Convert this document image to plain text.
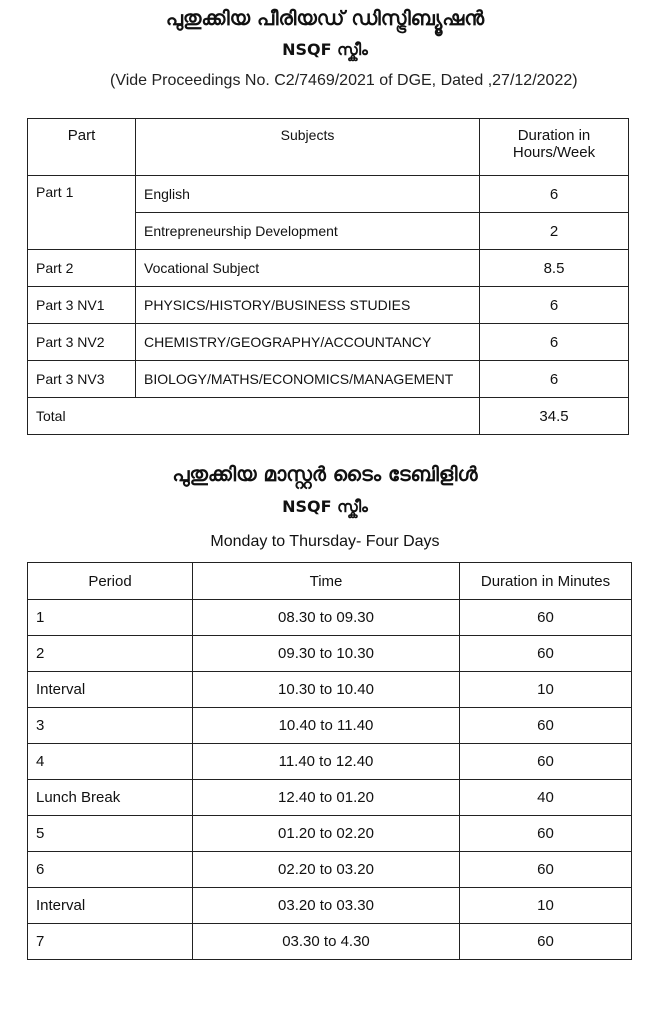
പുതുക്കിയ പീരിയഡ് ഡിസ്ട്രിബ്യൂഷൻ
NSQF സ്കീം
(Vide Proceedings No. C2/7469/2021 of DGE, Dated ,27/12/2022)
Part	Subjects	Duration in Hours/Week
Part 1	English	6
	Entrepreneurship Development	2
Part 2	Vocational Subject	8.5
Part 3 NV1	PHYSICS/HISTORY/BUSINESS STUDIES	6
Part 3 NV2	CHEMISTRY/GEOGRAPHY/ACCOUNTANCY	6
Part 3 NV3	BIOLOGY/MATHS/ECONOMICS/MANAGEMENT	6
Total		34.5
പുതുക്കിയ മാസ്റ്റർ ടൈം ടേബിളിൾ
NSQF സ്കീം
Monday to Thursday- Four Days
Period	Time	Duration in Minutes
1	08.30 to 09.30	60
2	09.30 to 10.30	60
Interval	10.30 to 10.40	10
3	10.40 to 11.40	60
4	11.40 to 12.40	60
Lunch Break	12.40 to 01.20	40
5	01.20 to 02.20	60
6	02.20 to 03.20	60
Interval	03.20 to 03.30	10
7	03.30 to 4.30	60
